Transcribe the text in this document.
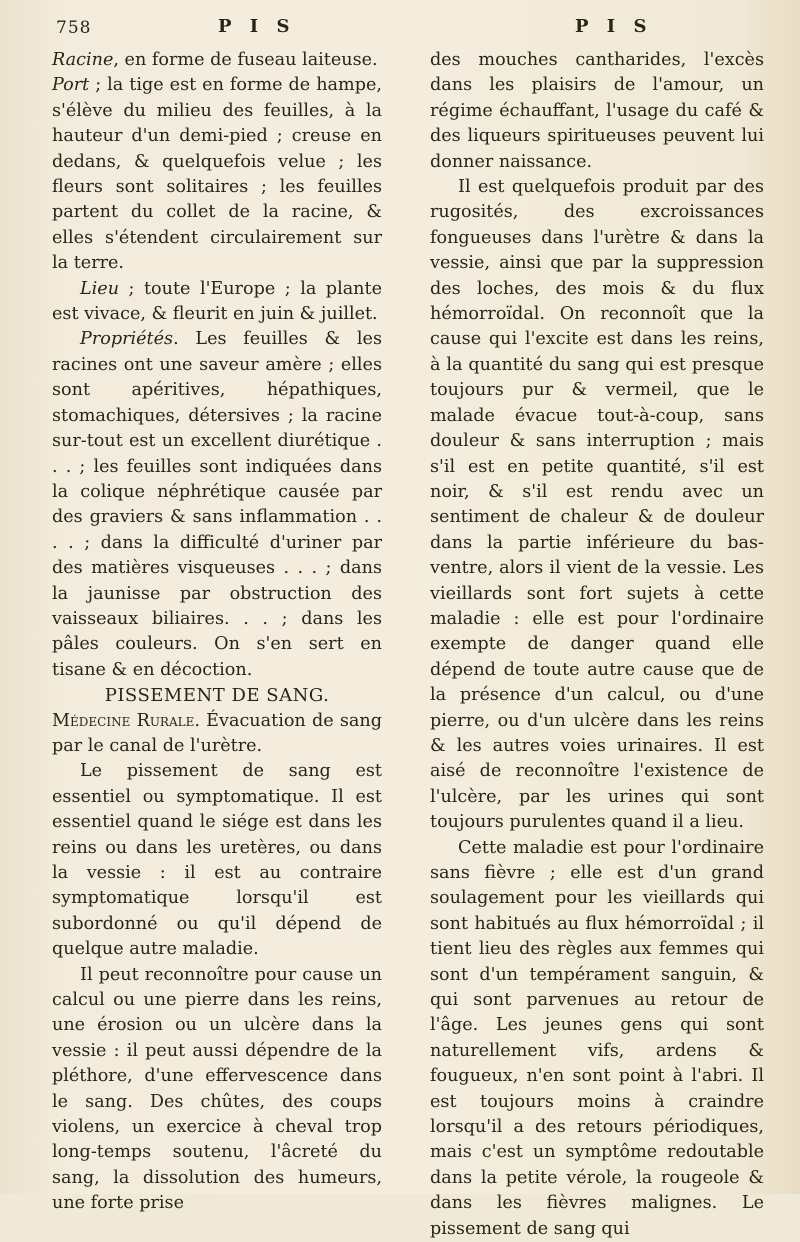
758	P I S	P I S

Racine, en forme de fuseau laiteuse.

Port ; la tige est en forme de hampe, s'élève du milieu des feuilles, à la hauteur d'un demi-pied ; creuse en dedans, & quelquefois velue ; les fleurs sont solitaires ; les feuilles partent du collet de la racine, & elles s'étendent circulairement sur la terre.

Lieu ; toute l'Europe ; la plante est vivace, & fleurit en juin & juillet.

Propriétés. Les feuilles & les racines ont une saveur amère ; elles sont apéritives, hépathiques, stomachiques, détersives ; la racine sur-tout est un excellent diurétique . . . ; les feuilles sont indiquées dans la colique néphrétique causée par des graviers & sans inflammation . . . . ; dans la difficulté d'uriner par des matières visqueuses . . . ; dans la jaunisse par obstruction des vaisseaux biliaires. . . ; dans les pâles couleurs. On s'en sert en tisane & en décoction.

PISSEMENT DE SANG.

Médecine Rurale. Évacuation de sang par le canal de l'urètre.

Le pissement de sang est essentiel ou symptomatique. Il est essentiel quand le siége est dans les reins ou dans les uretères, ou dans la vessie : il est au contraire symptomatique lorsqu'il est subordonné ou qu'il dépend de quelque autre maladie.

Il peut reconnoître pour cause un calcul ou une pierre dans les reins, une érosion ou un ulcère dans la vessie : il peut aussi dépendre de la pléthore, d'une effervescence dans le sang. Des chûtes, des coups violens, un exercice à cheval trop long-temps soutenu, l'âcreté du sang, la dissolution des humeurs, une forte prise

des mouches cantharides, l'excès dans les plaisirs de l'amour, un régime échauffant, l'usage du café & des liqueurs spiritueuses peuvent lui donner naissance.

Il est quelquefois produit par des rugosités, des excroissances fongueuses dans l'urètre & dans la vessie, ainsi que par la suppression des loches, des mois & du flux hémorroïdal. On reconnoît que la cause qui l'excite est dans les reins, à la quantité du sang qui est presque toujours pur & vermeil, que le malade évacue tout-à-coup, sans douleur & sans interruption ; mais s'il est en petite quantité, s'il est noir, & s'il est rendu avec un sentiment de chaleur & de douleur dans la partie inférieure du bas-ventre, alors il vient de la vessie. Les vieillards sont fort sujets à cette maladie : elle est pour l'ordinaire exempte de danger quand elle dépend de toute autre cause que de la présence d'un calcul, ou d'une pierre, ou d'un ulcère dans les reins & les autres voies urinaires. Il est aisé de reconnoître l'existence de l'ulcère, par les urines qui sont toujours purulentes quand il a lieu.

Cette maladie est pour l'ordinaire sans fièvre ; elle est d'un grand soulagement pour les vieillards qui sont habitués au flux hémorroïdal ; il tient lieu des règles aux femmes qui sont d'un tempérament sanguin, & qui sont parvenues au retour de l'âge. Les jeunes gens qui sont naturellement vifs, ardens & fougueux, n'en sont point à l'abri. Il est toujours moins à craindre lorsqu'il a des retours périodiques, mais c'est un symptôme redoutable dans la petite vérole, la rougeole & dans les fièvres malignes. Le pissement de sang qui
